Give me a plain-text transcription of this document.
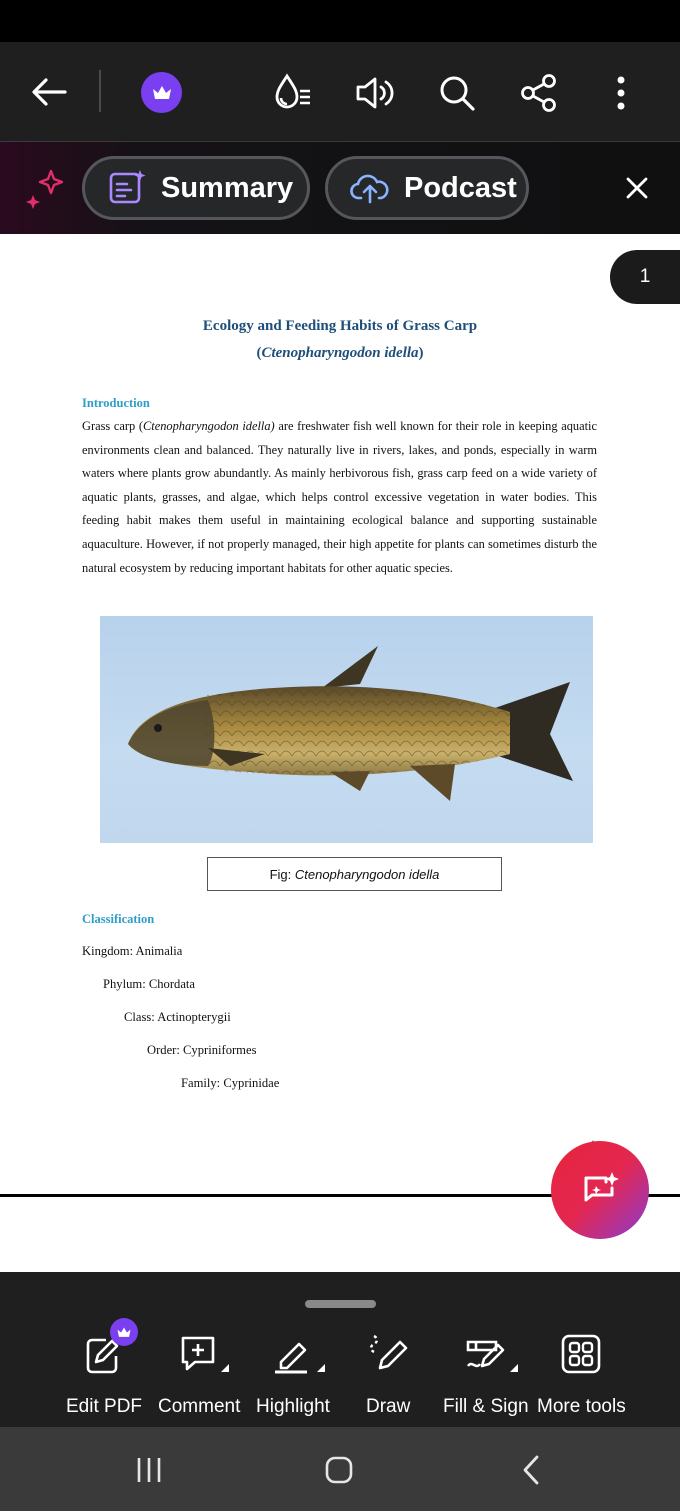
Summary	Podcast
1
Ecology and Feeding Habits of Grass Carp
(Ctenopharyngodon idella)
Introduction
Grass carp (Ctenopharyngodon idella) are freshwater fish well known for their role in keeping aquatic environments clean and balanced. They naturally live in rivers, lakes, and ponds, especially in warm waters where plants grow abundantly. As mainly herbivorous fish, grass carp feed on a wide variety of aquatic plants, grasses, and algae, which helps control excessive vegetation in water bodies. This feeding habit makes them useful in maintaining ecological balance and supporting sustainable aquaculture. However, if not properly managed, their high appetite for plants can sometimes disturb the natural ecosystem by reducing important habitats for other aquatic species.
Fig:
Ctenopharyngodon idella
Classification
Kingdom: Animalia
Phylum: Chordata
Class: Actinopterygii
Order: Cypriniformes
Family: Cyprinidae
Edit PDF Comment Highlight Draw Fill & Sign More tools
